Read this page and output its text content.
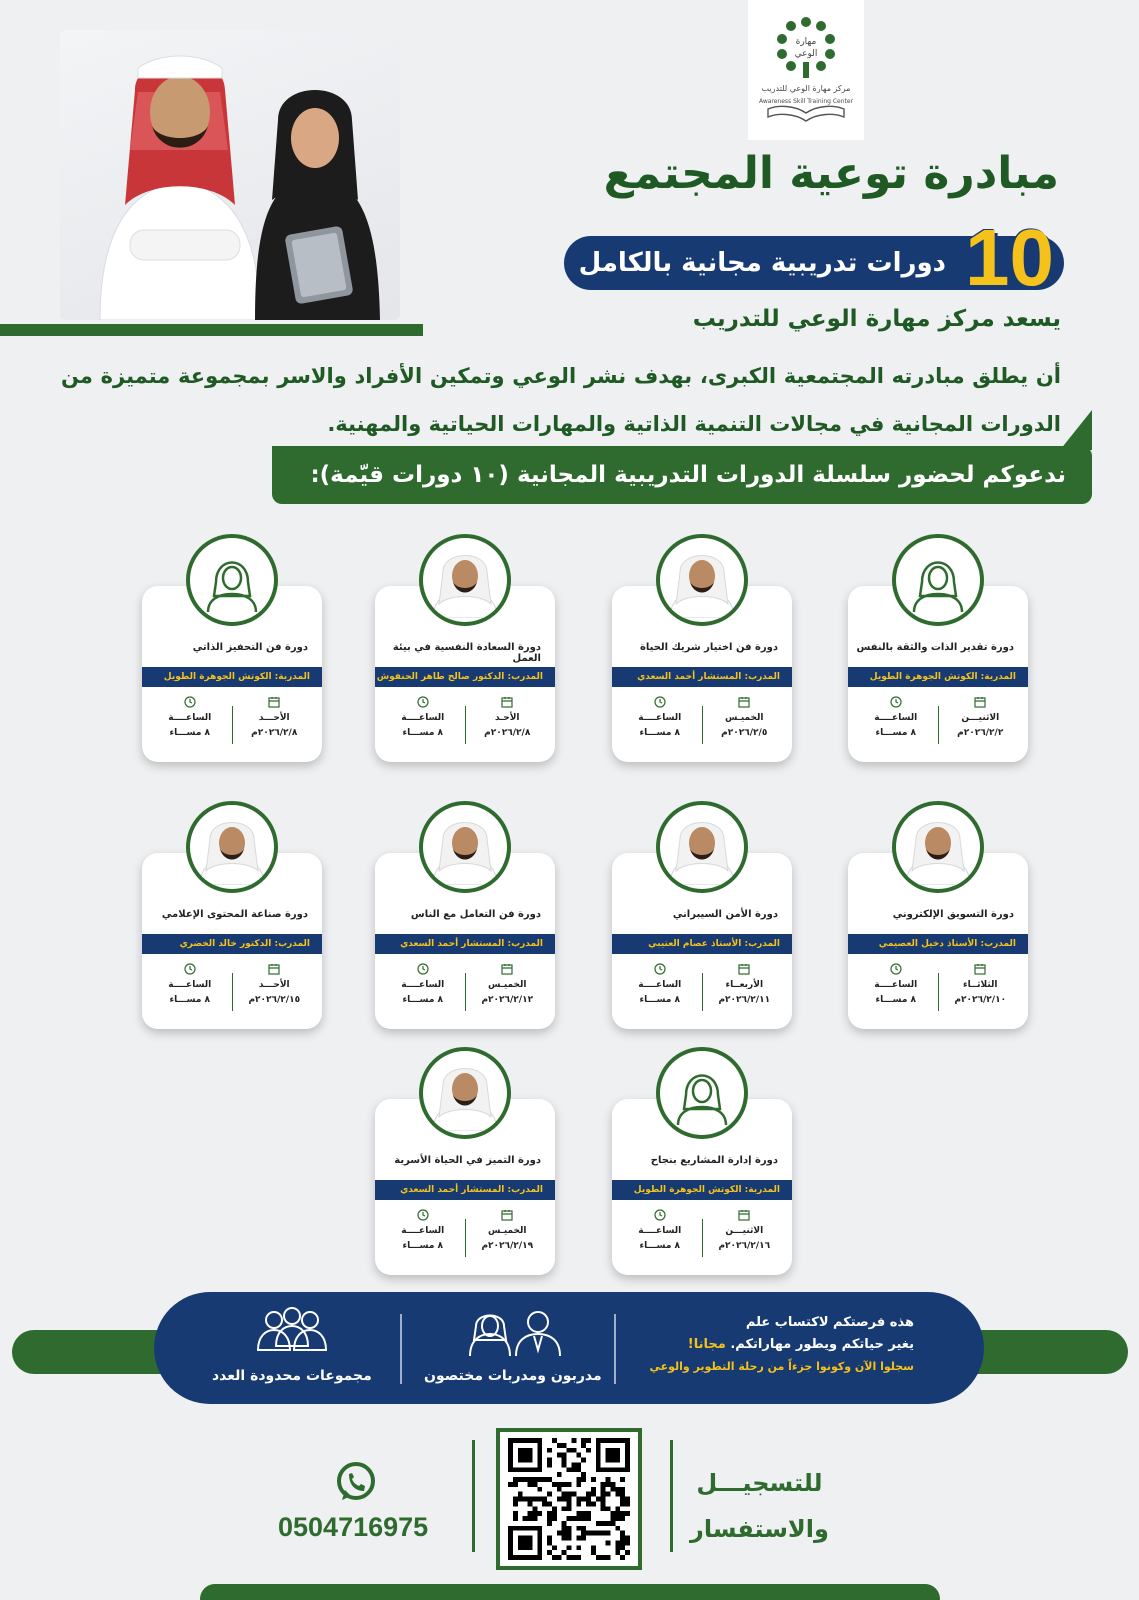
مهارة
الوعي
مركز مهارة الوعي للتدريب
Awareness Skill Training Center
مبادرة توعية المجتمع
دورات تدريبية مجانية بالكامل 10
يسعد مركز مهارة الوعي للتدريب
أن يطلق مبادرته المجتمعية الكبرى، بهدف نشر الوعي وتمكين الأفراد والاسر بمجموعة متميزة من الدورات المجانية في مجالات التنمية الذاتية والمهارات الحياتية والمهنية.
ندعوكم لحضور سلسلة الدورات التدريبية المجانية (١٠ دورات قيّمة):
دورة تقدير الذات والثقة بالنفس
المدربة: الكوتش الجوهرة الطويل
الاثنيـــن
٢٠٢٦/٢/٢م
الساعــــة
٨ مســـاء
دورة فن اختيار شريك الحياة
المدرب: المستشار أحمد السعدي
الخميـس
٢٠٢٦/٢/٥م
الساعــــة
٨ مســـاء
دورة السعادة النفسية في بيئة العمل
المدرب: الدكتور صالح طاهر الحنفوش
الأحـد
٢٠٢٦/٢/٨م
الساعــــة
٨ مســـاء
دورة فن التحفيز الذاتي
المدربة: الكوتش الجوهرة الطويل
الأحـــد
٢٠٢٦/٢/٨م
الساعــــة
٨ مســـاء
دورة التسويق الإلكتروني
المدرب: الأستاذ دخيل العصيمي
الثلاثــاء
٢٠٢٦/٢/١٠م
الساعــــة
٨ مســـاء
دورة الأمن السيبراني
المدرب: الأستاذ عصام العتيبي
الأربعــاء
٢٠٢٦/٢/١١م
الساعــــة
٨ مســـاء
دورة فن التعامل مع الناس
المدرب: المستشار أحمد السعدي
الخميـس
٢٠٢٦/٢/١٢م
الساعــــة
٨ مســـاء
دورة صناعة المحتوى الإعلامي
المدرب: الدكتور خالد الخضري
الأحـــد
٢٠٢٦/٢/١٥م
الساعــــة
٨ مســـاء
دورة إدارة المشاريع بنجاح
المدربة: الكوتش الجوهرة الطويل
الاثنيـــن
٢٠٢٦/٢/١٦م
الساعــــة
٨ مســـاء
دورة التميز في الحياة الأسرية
المدرب: المستشار أحمد السعدي
الخميـس
٢٠٢٦/٢/١٩م
الساعــــة
٨ مســـاء
هذه فرصتكم لاكتساب علم
يغير حياتكم ويطور مهاراتكم. مجانا!
سجلوا الآن وكونوا جزءاً من رحلة التطوير والوعي
مدربون ومدربات مختصون
مجموعات محدودة العدد
للتسجيـــل
والاستفسار
0504716975
